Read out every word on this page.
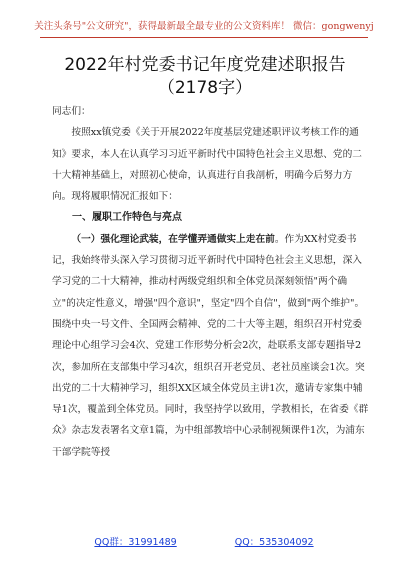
关注头条号"公文研究"，获得最新最全最专业的公文资料库！ 微信：gongwenyj
2022年村党委书记年度党建述职报告（2178字）

同志们：

按照xx镇党委《关于开展2022年度基层党建述职评议考核工作的通知》要求，本人在认真学习习近平新时代中国特色社会主义思想、党的二十大精神基础上，对照初心使命，认真进行自我剖析，明确今后努力方向。现将履职情况汇报如下：

一、履职工作特色与亮点

（一）强化理论武装，在学懂弄通做实上走在前。作为XX村党委书记，我始终带头深入学习贯彻习近平新时代中国特色社会主义思想，深入学习党的二十大精神，推动村两级党组织和全体党员深刻领悟"两个确立"的决定性意义，增强"四个意识"，坚定"四个自信"，做到"两个维护"。围绕中央一号文件、全国两会精神、党的二十大等主题，组织召开村党委理论中心组学习会4次、党建工作形势分析会2次，赴联系支部专题指导2次，参加所在支部集中学习4次，组织召开老党员、老社员座谈会1次。突出党的二十大精神学习，组织XX区域全体党员主讲1次，邀请专家集中辅导1次，覆盖到全体党员。同时，我坚持学以致用，学教相长，在省委《群众》杂志发表署名文章1篇，为中组部教培中心录制视频课件1次，为浦东干部学院等授

QQ群：31991489	QQ：535304092
